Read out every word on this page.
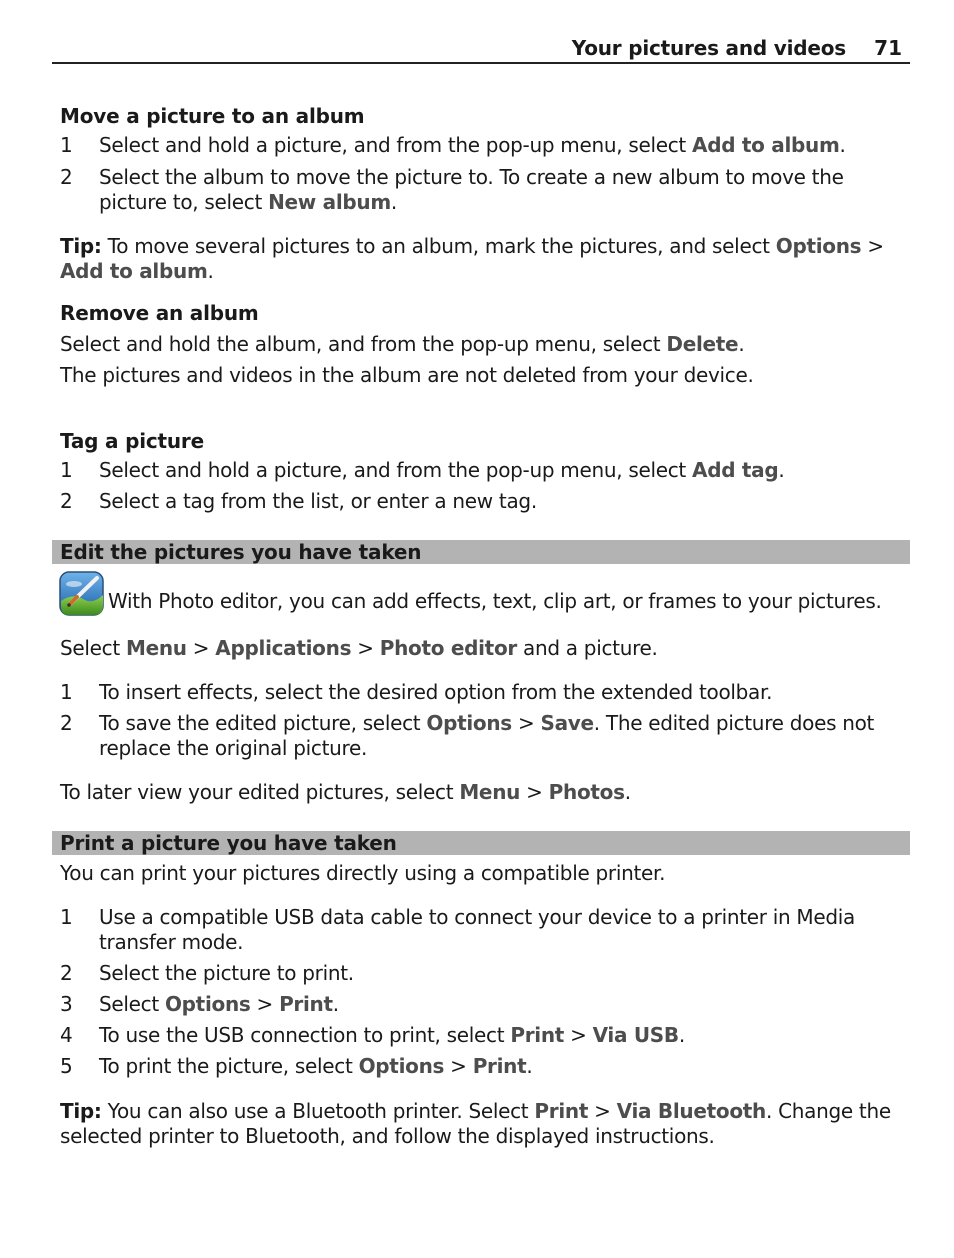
Your pictures and videos 71
Move a picture to an album
1 Select and hold a picture, and from the pop-up menu, select Add to album.
2 Select the album to move the picture to. To create a new album to move the picture to, select New album.
Tip: To move several pictures to an album, mark the pictures, and select Options > Add to album.
Remove an album
Select and hold the album, and from the pop-up menu, select Delete.
The pictures and videos in the album are not deleted from your device.
Tag a picture
1 Select and hold a picture, and from the pop-up menu, select Add tag.
2 Select a tag from the list, or enter a new tag.
Edit the pictures you have taken
With Photo editor, you can add effects, text, clip art, or frames to your pictures.
Select Menu > Applications > Photo editor and a picture.
1 To insert effects, select the desired option from the extended toolbar.
2 To save the edited picture, select Options > Save. The edited picture does not replace the original picture.
To later view your edited pictures, select Menu > Photos.
Print a picture you have taken
You can print your pictures directly using a compatible printer.
1 Use a compatible USB data cable to connect your device to a printer in Media transfer mode.
2 Select the picture to print.
3 Select Options > Print.
4 To use the USB connection to print, select Print > Via USB.
5 To print the picture, select Options > Print.
Tip: You can also use a Bluetooth printer. Select Print > Via Bluetooth. Change the selected printer to Bluetooth, and follow the displayed instructions.
